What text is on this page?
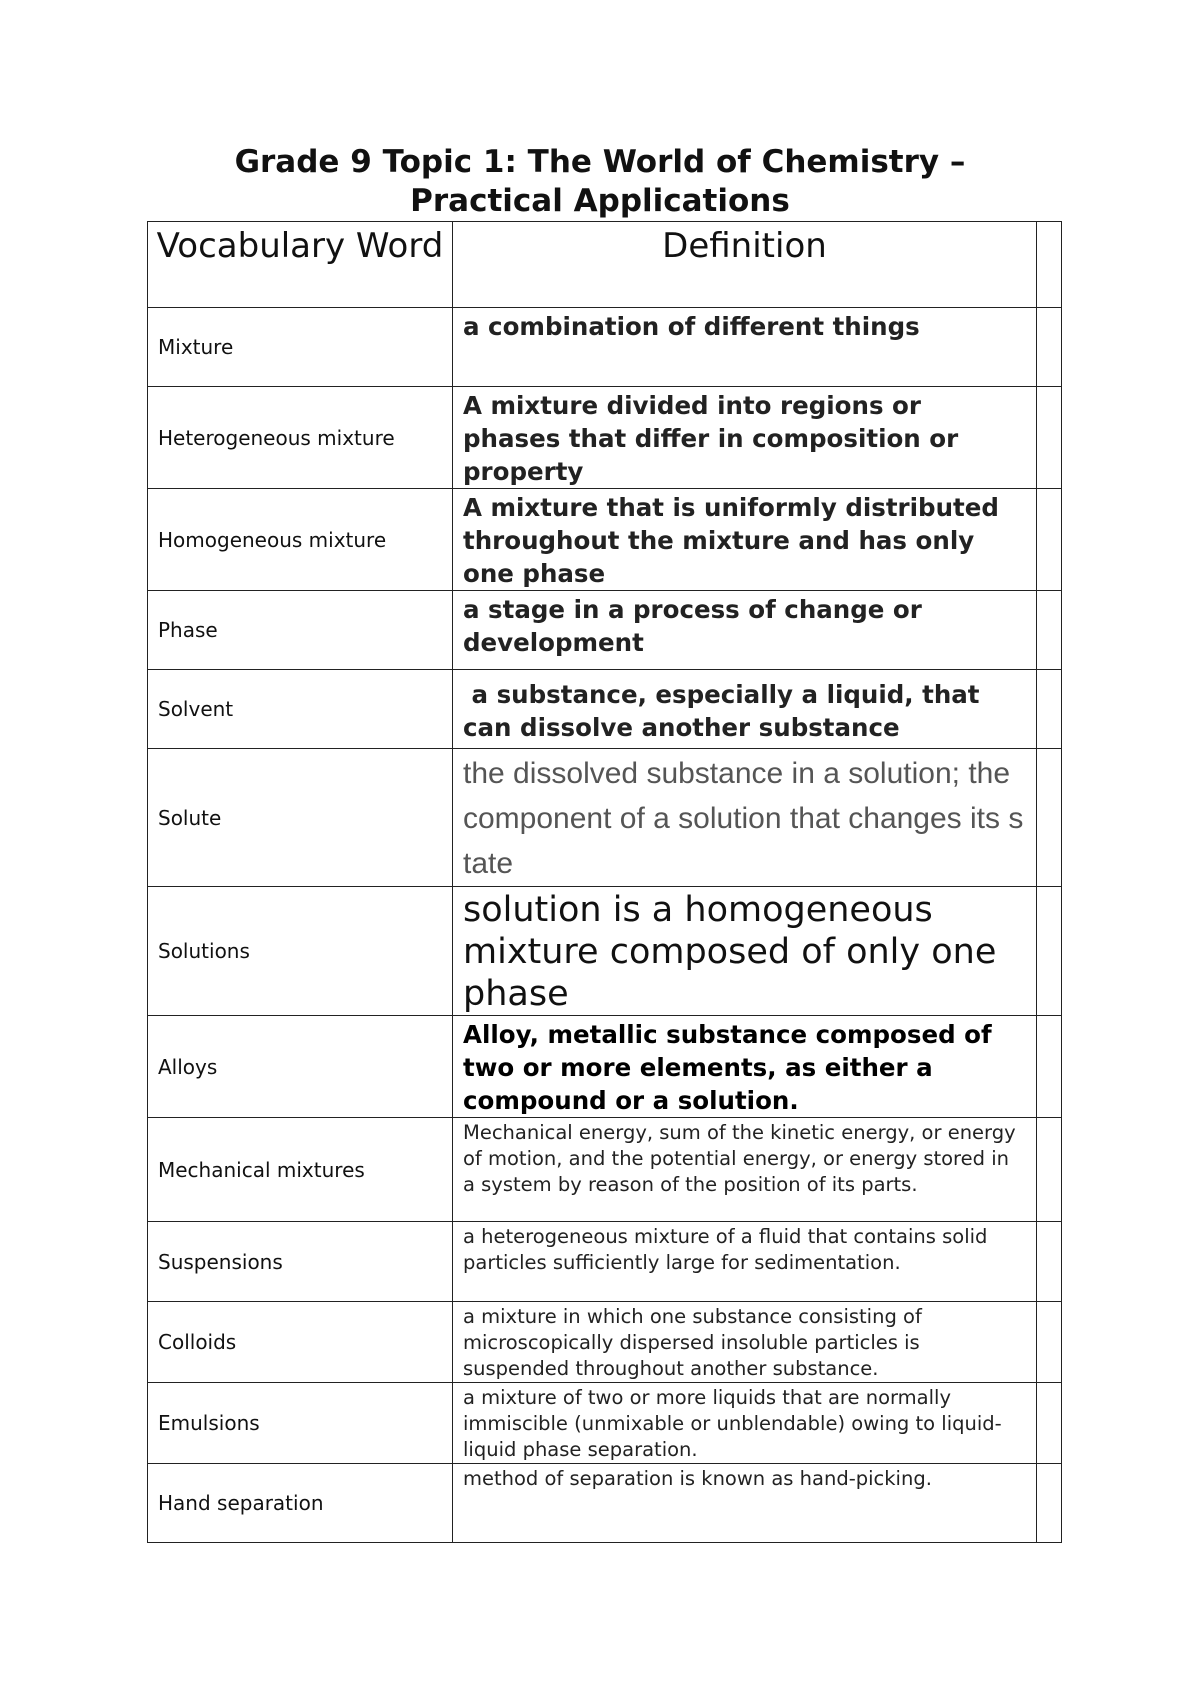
Grade 9 Topic 1: The World of Chemistry –
Practical Applications
Vocabulary Word	Definition	
Mixture	a combination of different things	
Heterogeneous mixture	A mixture divided into regions or phases that differ in composition or property	
Homogeneous mixture	A mixture that is uniformly distributed throughout the mixture and has only one phase	
Phase	a stage in a process of change or development	
Solvent	a substance, especially a liquid, that can dissolve another substance	
Solute	the dissolved substance in a solution; the component of a solution that changes its state	
Solutions	solution is a homogeneous mixture composed of only one phase	
Alloys	Alloy, metallic substance composed of two or more elements, as either a compound or a solution.	
Mechanical mixtures	Mechanical energy, sum of the kinetic energy, or energy of motion, and the potential energy, or energy stored in a system by reason of the position of its parts.	
Suspensions	a heterogeneous mixture of a fluid that contains solid particles sufficiently large for sedimentation.	
Colloids	a mixture in which one substance consisting of microscopically dispersed insoluble particles is suspended throughout another substance.	
Emulsions	a mixture of two or more liquids that are normally immiscible (unmixable or unblendable) owing to liquid-liquid phase separation.	
Hand separation	method of separation is known as hand-picking.	
